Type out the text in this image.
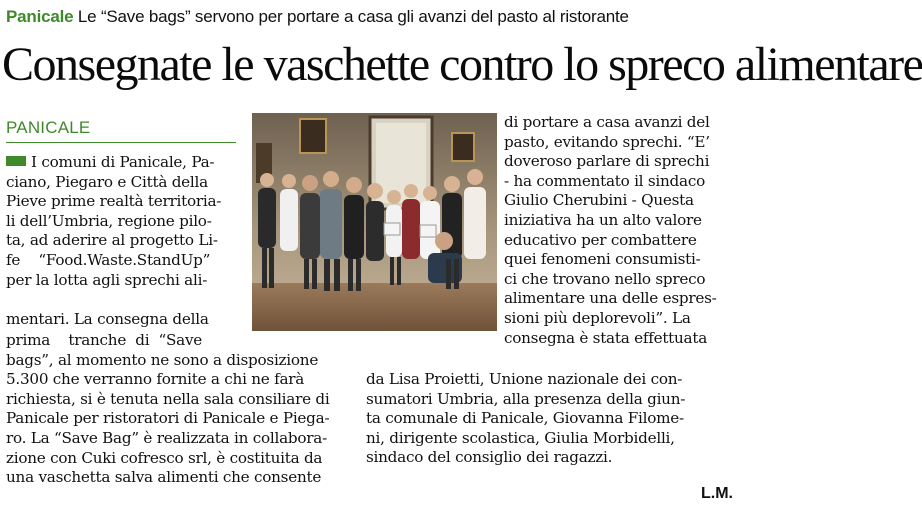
Panicale Le “Save bags” servono per portare a casa gli avanzi del pasto al ristorante
Consegnate le vaschette contro lo spreco alimentare
PANICALE
I comuni di Panicale, Pa-
ciano, Piegaro e Città della
Pieve prime realtà territoria-
li dell’Umbria, regione pilo-
ta, ad aderire al progetto Li-
fe    “Food.Waste.StandUp”
per la lotta agli sprechi ali-
mentari. La consegna della
prima    tranche  di  “Save
bags”, al momento ne sono a disposizione
5.300 che verranno fornite a chi ne farà
richiesta, si è tenuta nella sala consiliare di
Panicale per ristoratori di Panicale e Piega-
ro. La “Save Bag” è realizzata in collabora-
zione con Cuki cofresco srl, è costituita da
una vaschetta salva alimenti che consente
di portare a casa avanzi del
pasto, evitando sprechi. “E’
doveroso parlare di sprechi
- ha commentato il sindaco
Giulio Cherubini - Questa
iniziativa ha un alto valore
educativo per combattere
quei fenomeni consumisti-
ci che trovano nello spreco
alimentare una delle espres-
sioni più deplorevoli”. La
consegna è stata effettuata
da Lisa Proietti, Unione nazionale dei con-
sumatori Umbria, alla presenza della giun-
ta comunale di Panicale, Giovanna Filome-
ni, dirigente scolastica, Giulia Morbidelli,
sindaco del consiglio dei ragazzi.
L.M.
